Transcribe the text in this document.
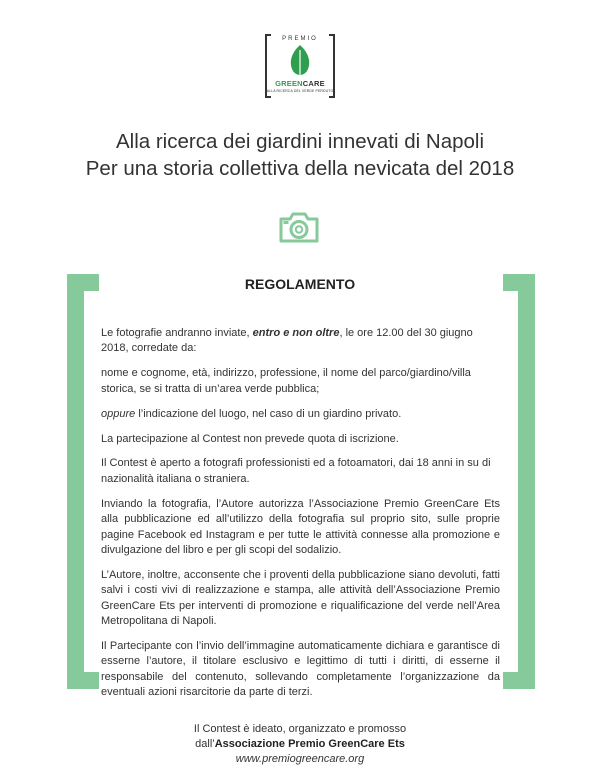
PREMIO
GREENCARE
ALLA RICERCA DEL VERDE PERDUTO
Alla ricerca dei giardini innevati di Napoli
Per una storia collettiva della nevicata del 2018
REGOLAMENTO

Le fotografie andranno inviate, entro e non oltre, le ore 12.00 del 30 giugno 2018, corredate da:

nome e cognome, età, indirizzo, professione, il nome del parco/giardino/villa storica, se si tratta di un’area verde pubblica;

oppure l’indicazione del luogo, nel caso di un giardino privato.

La partecipazione al Contest non prevede quota di iscrizione.

Il Contest è aperto a fotografi professionisti ed a fotoamatori, dai 18 anni in su di nazionalità italiana o straniera.

Inviando la fotografia, l’Autore autorizza l’Associazione Premio GreenCare Ets alla pubblicazione ed all’utilizzo della fotografia sul proprio sito, sulle proprie pagine Facebook ed Instagram e per tutte le attività connesse alla promozione e divulgazione del libro e per gli scopi del sodalizio.

L’Autore, inoltre, acconsente che i proventi della pubblicazione siano devoluti, fatti salvi i costi vivi di realizzazione e stampa, alle attività dell’Associazione Premio GreenCare Ets per interventi di promozione e riqualificazione del verde nell’Area Metropolitana di Napoli.

Il Partecipante con l’invio dell’immagine automaticamente dichiara e garantisce di esserne l’autore, il titolare esclusivo e legittimo di tutti i diritti, di esserne il responsabile del contenuto, sollevando completamente l’organizzazione da eventuali azioni risarcitorie da parte di terzi.

Il Contest è ideato, organizzato e promosso
dall’Associazione Premio GreenCare Ets
www.premiogreencare.org
